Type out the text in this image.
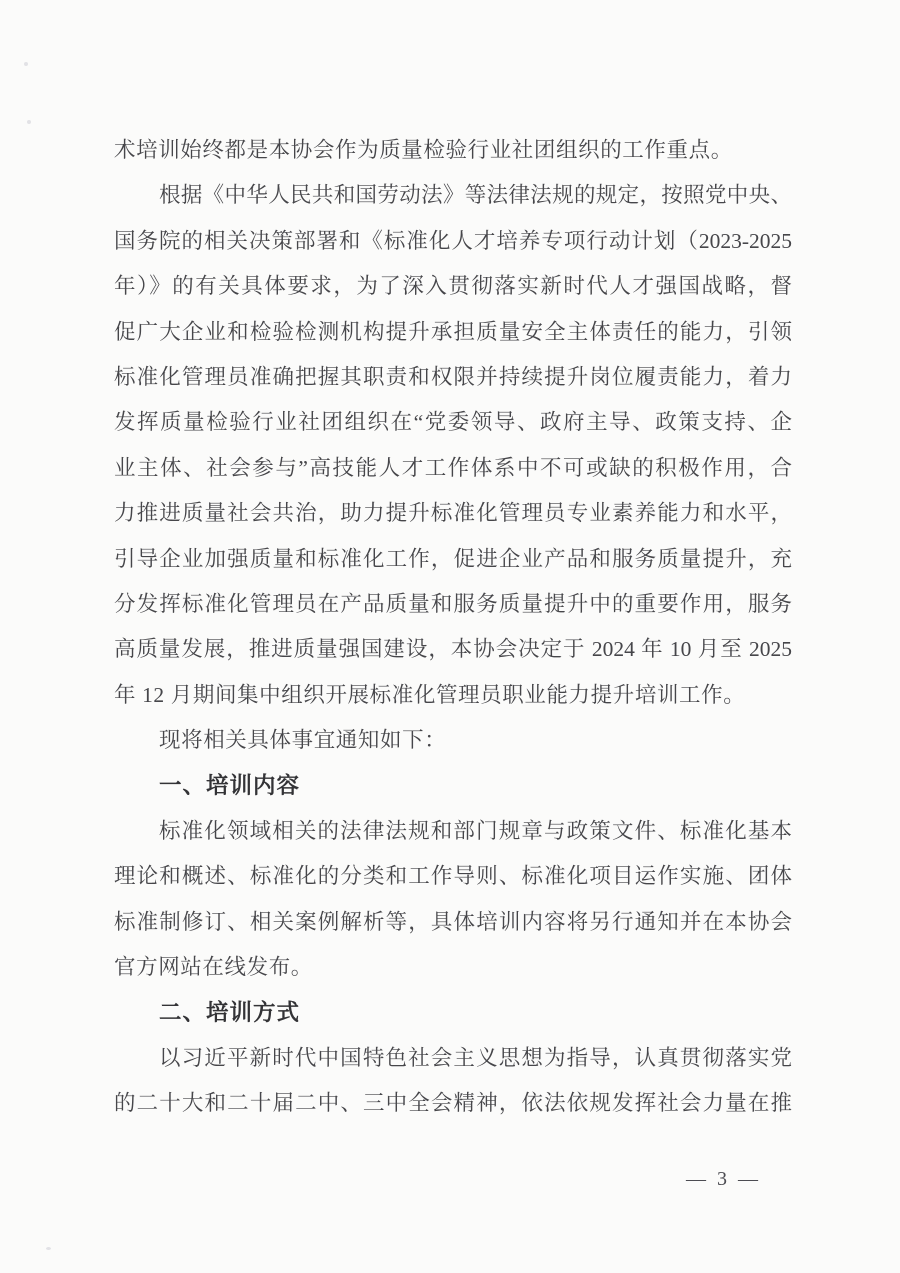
术培训始终都是本协会作为质量检验行业社团组织的工作重点。
根据《中华人民共和国劳动法》等法律法规的规定，按照党中央、
国务院的相关决策部署和《标准化人才培养专项行动计划（2023-2025
年）》的有关具体要求，为了深入贯彻落实新时代人才强国战略，督
促广大企业和检验检测机构提升承担质量安全主体责任的能力，引领
标准化管理员准确把握其职责和权限并持续提升岗位履责能力，着力
发挥质量检验行业社团组织在“党委领导、政府主导、政策支持、企
业主体、社会参与”高技能人才工作体系中不可或缺的积极作用，合
力推进质量社会共治，助力提升标准化管理员专业素养能力和水平，
引导企业加强质量和标准化工作，促进企业产品和服务质量提升，充
分发挥标准化管理员在产品质量和服务质量提升中的重要作用，服务
高质量发展，推进质量强国建设，本协会决定于 2024 年 10 月至 2025
年 12 月期间集中组织开展标准化管理员职业能力提升培训工作。
现将相关具体事宜通知如下：
一、培训内容
标准化领域相关的法律法规和部门规章与政策文件、标准化基本
理论和概述、标准化的分类和工作导则、标准化项目运作实施、团体
标准制修订、相关案例解析等，具体培训内容将另行通知并在本协会
官方网站在线发布。
二、培训方式
以习近平新时代中国特色社会主义思想为指导，认真贯彻落实党
的二十大和二十届二中、三中全会精神，依法依规发挥社会力量在推
— 3 —
